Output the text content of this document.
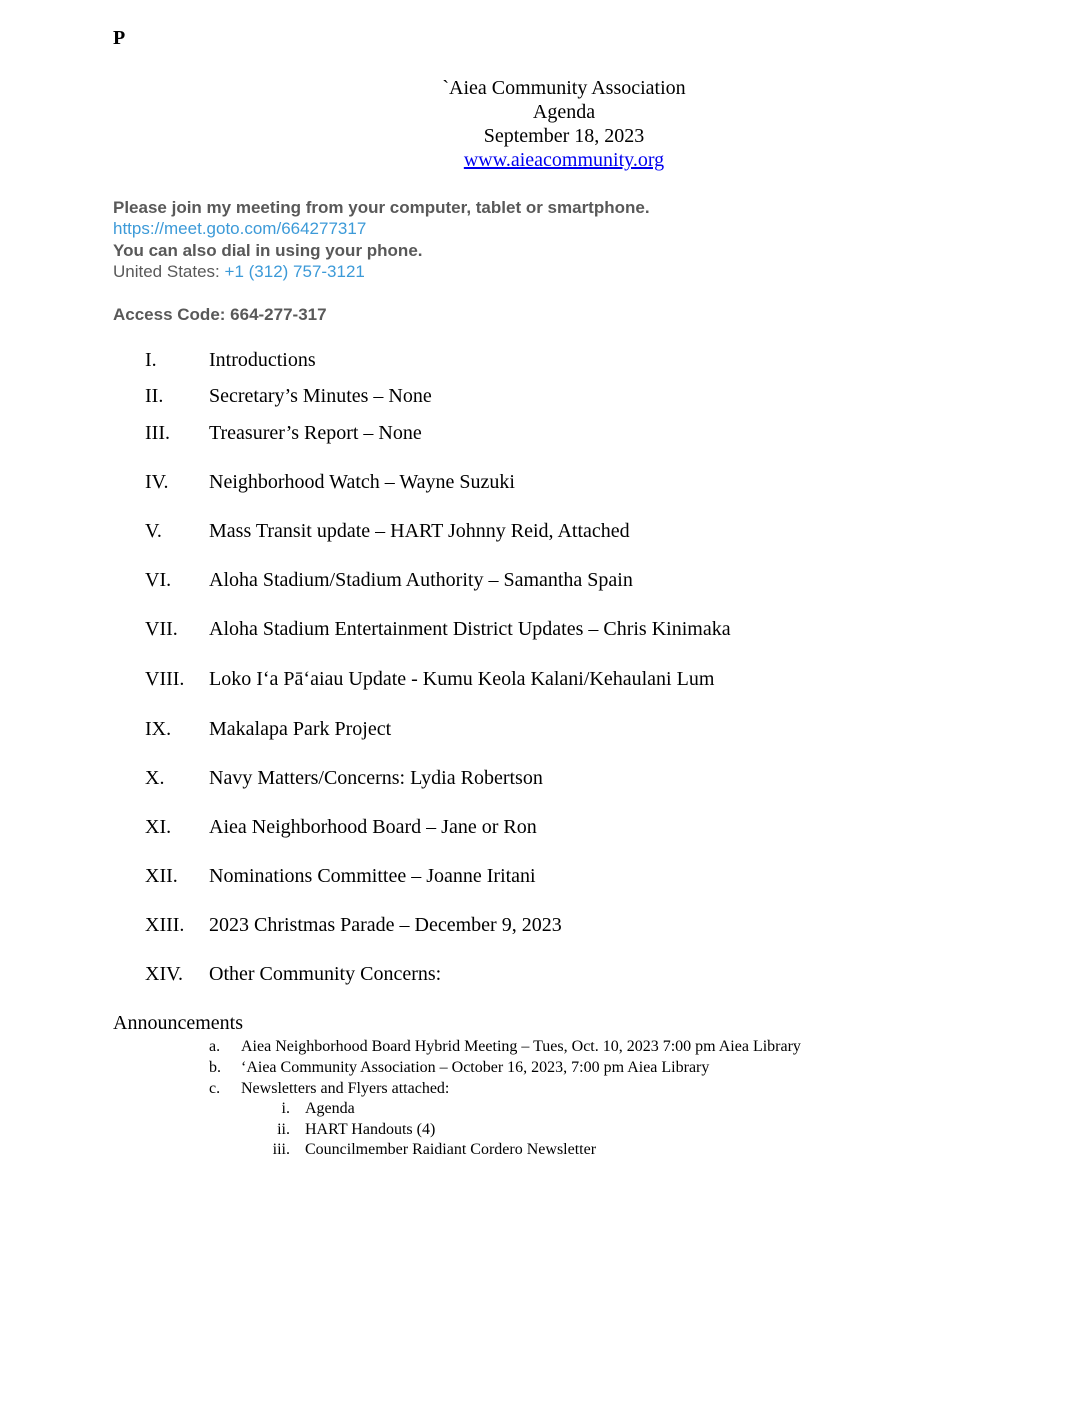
P
`Aiea Community Association
Agenda
September 18, 2023
www.aieacommunity.org
Please join my meeting from your computer, tablet or smartphone.
https://meet.goto.com/664277317
You can also dial in using your phone.
United States: +1 (312) 757-3121
Access Code: 664-277-317
I.	Introductions
II. Secretary’s Minutes – None
III. Treasurer’s Report – None
IV. Neighborhood Watch – Wayne Suzuki
V. Mass Transit update – HART Johnny Reid, Attached
VI. Aloha Stadium/Stadium Authority – Samantha Spain
VII. Aloha Stadium Entertainment District Updates – Chris Kinimaka
VIII. Loko Iʻa Pāʻaiau Update - Kumu Keola Kalani/Kehaulani Lum
IX. Makalapa Park Project
X. Navy Matters/Concerns: Lydia Robertson
XI. Aiea Neighborhood Board – Jane or Ron
XII. Nominations Committee – Joanne Iritani
XIII. 2023 Christmas Parade – December 9, 2023
XIV. Other Community Concerns:
Announcements
a. Aiea Neighborhood Board Hybrid Meeting – Tues, Oct. 10, 2023 7:00 pm Aiea Library
b. ‘Aiea Community Association – October 16, 2023, 7:00 pm Aiea Library
c. Newsletters and Flyers attached:
i. Agenda
ii. HART Handouts (4)
iii. Councilmember Raidiant Cordero Newsletter
